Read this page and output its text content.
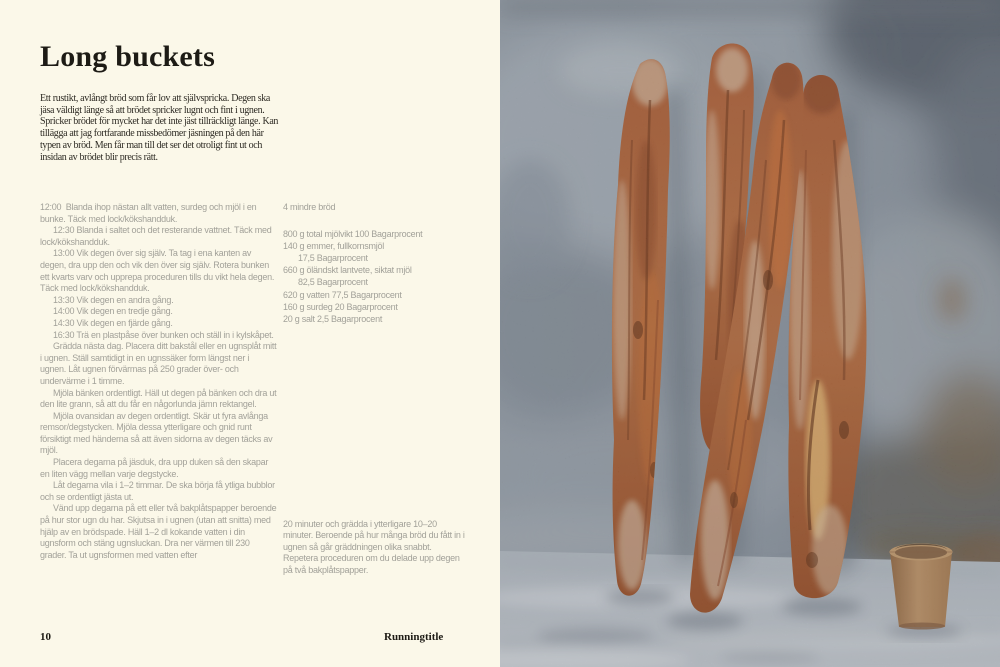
Long buckets
Ett rustikt, avlångt bröd som får lov att självspricka. Degen ska jäsa väldigt länge så att brödet spricker lugnt och fint i ugnen. Spricker brödet för mycket har det inte jäst tillräckligt länge. Kan tillägga att jag fortfarande missbedömer jäsningen på den här typen av bröd. Men får man till det ser det otroligt fint ut och insidan av brödet blir precis rätt.

12:00  Blanda ihop nästan allt vatten, surdeg och mjöl i en bunke. Täck med lock/kökshandduk.

12:30 Blanda i saltet och det resterande vattnet. Täck med lock/kökshandduk.

13:00 Vik degen över sig själv. Ta tag i ena kanten av degen, dra upp den och vik den över sig själv. Rotera bunken ett kvarts varv och upprepa proceduren tills du vikt hela degen. Täck med lock/kökshandduk.

13:30 Vik degen en andra gång.

14:00 Vik degen en tredje gång.

14:30 Vik degen en fjärde gång.

16:30 Trä en plastpåse över bunken och ställ in i kylskåpet.

Grädda nästa dag. Placera ditt bakstål eller en ugnsplåt mitt i ugnen. Ställ samtidigt in en ugnssäker form längst ner i ugnen. Låt ugnen förvärmas på 250 grader över- och undervärme i 1 timme.

Mjöla bänken ordentligt. Häll ut degen på bänken och dra ut den lite grann, så att du får en någorlunda jämn rektangel.

Mjöla ovansidan av degen ordentligt. Skär ut fyra avlånga remsor/degstycken. Mjöla dessa ytterligare och gnid runt försiktigt med händerna så att även sidorna av degen täcks av mjöl.

Placera degarna på jäsduk, dra upp duken så den skapar en liten vägg mellan varje degstycke.

Låt degarna vila i 1–2 timmar. De ska börja få ytliga bubblor och se ordentligt jästa ut.

Vänd upp degarna på ett eller två bakplåtspapper beroende på hur stor ugn du har. Skjutsa in i ugnen (utan att snitta) med hjälp av en brödspade. Häll 1–2 dl kokande vatten i din ugnsform och stäng ugnsluckan. Dra ner värmen till 230 grader. Ta ut ugnsformen med vatten efter

4 mindre bröd

800 g total mjölvikt 100 Bagarprocent

140 g emmer, fullkornsmjöl

17,5 Bagarprocent

660 g öländskt lantvete, siktat mjöl

82,5 Bagarprocent

620 g vatten 77,5 Bagarprocent

160 g surdeg 20 Bagarprocent

20 g salt 2,5 Bagarprocent

20 minuter och grädda i ytterligare 10–20 minuter. Beroende på hur många bröd du fått in i ugnen så går gräddningen olika snabbt. Repetera proceduren om du delade upp degen på två bakplåtspapper.
10	Runningtitle
